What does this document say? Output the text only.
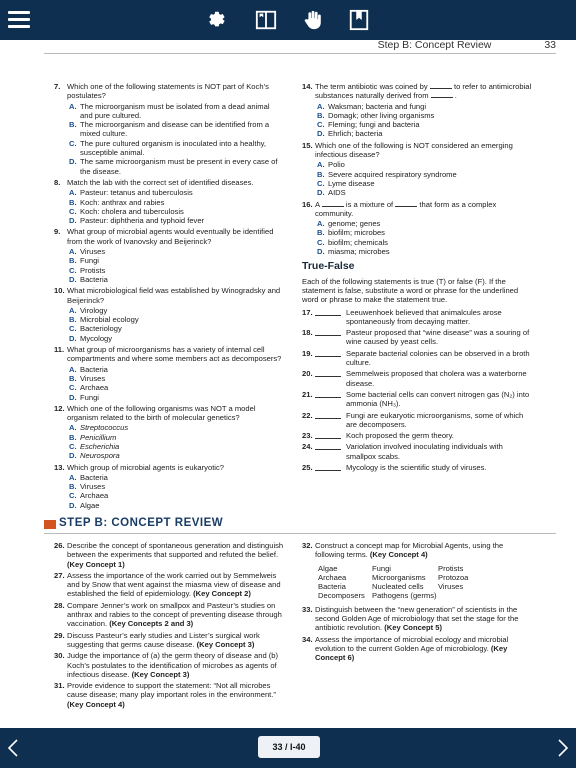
Step B: Concept Review	33
7. Which one of the following statements is NOT part of Koch’s postulates?
A. The microorganism must be isolated from a dead animal and pure cultured.
B. The microorganism and disease can be identified from a mixed culture.
C. The pure cultured organism is inoculated into a healthy, susceptible animal.
D. The same microorganism must be present in every case of the disease.
8. Match the lab with the correct set of identified diseases.
A. Pasteur: tetanus and tuberculosis
B. Koch: anthrax and rabies
C. Koch: cholera and tuberculosis
D. Pasteur: diphtheria and typhoid fever
9. What group of microbial agents would eventually be identified from the work of Ivanovsky and Beijerinck?
A. Viruses
B. Fungi
C. Protists
D. Bacteria
10. What microbiological field was established by Winogradsky and Beijerinck?
A. Virology
B. Microbial ecology
C. Bacteriology
D. Mycology
11. What group of microorganisms has a variety of internal cell compartments and where some members act as decomposers?
A. Bacteria
B. Viruses
C. Archaea
D. Fungi
12. Which one of the following organisms was NOT a model organism related to the birth of molecular genetics?
A. Streptococcus
B. Penicillium
C. Escherichia
D. Neurospora
13. Which group of microbial agents is eukaryotic?
A. Bacteria
B. Viruses
C. Archaea
D. Algae
14. The term antibiotic was coined by	to refer to antimicrobial substances naturally derived from	.
A. Waksman; bacteria and fungi
B. Domagk; other living organisms
C. Fleming; fungi and bacteria
D. Ehrlich; bacteria
15. Which one of the following is NOT considered an emerging infectious disease?
A. Polio
B. Severe acquired respiratory syndrome
C. Lyme disease
D. AIDS
16. A	is a mixture of	that form as a complex community.
A. genome; genes
B. biofilm; microbes
C. biofilm; chemicals
D. miasma; microbes
True-False
Each of the following statements is true (T) or false (F). If the statement is false, substitute a word or phrase for the underlined word or phrase to make the statement true.
17.	Leeuwenhoek believed that animalcules arose spontaneously from decaying matter.
18.	Pasteur proposed that “wine disease” was a souring of wine caused by yeast cells.
19.	Separate bacterial colonies can be observed in a broth culture.
20.	Semmelweis proposed that cholera was a waterborne disease.
21.	Some bacterial cells can convert nitrogen gas (N₂) into ammonia (NH₃).
22.	Fungi are eukaryotic microorganisms, some of which are decomposers.
23.	Koch proposed the germ theory.
24.	Variolation involved inoculating individuals with smallpox scabs.
25.	Mycology is the scientific study of viruses.
STEP B: CONCEPT REVIEW
26. Describe the concept of spontaneous generation and distinguish between the experiments that supported and refuted the belief. (Key Concept 1)
27. Assess the importance of the work carried out by Semmelweis and by Snow that went against the miasma view of disease and established the field of epidemiology. (Key Concept 2)
28. Compare Jenner’s work on smallpox and Pasteur’s studies on anthrax and rabies to the concept of preventing disease through vaccination. (Key Concepts 2 and 3)
29. Discuss Pasteur’s early studies and Lister’s surgical work suggesting that germs cause disease. (Key Concept 3)
30. Judge the importance of (a) the germ theory of disease and (b) Koch’s postulates to the identification of microbes as agents of infectious disease. (Key Concept 3)
31. Provide evidence to support the statement: “Not all microbes cause disease; many play important roles in the environment.” (Key Concept 4)
32. Construct a concept map for Microbial Agents, using the following terms. (Key Concept 4)
Algae	Fungi	Protists
Archaea	Microorganisms	Protozoa
Bacteria	Nucleated cells	Viruses
Decomposers Pathogens (germs)
33. Distinguish between the “new generation” of scientists in the second Golden Age of microbiology that set the stage for the antibiotic revolution. (Key Concept 5)
34. Assess the importance of microbial ecology and microbial evolution to the current Golden Age of microbiology. (Key Concept 6)
33 / I-40
